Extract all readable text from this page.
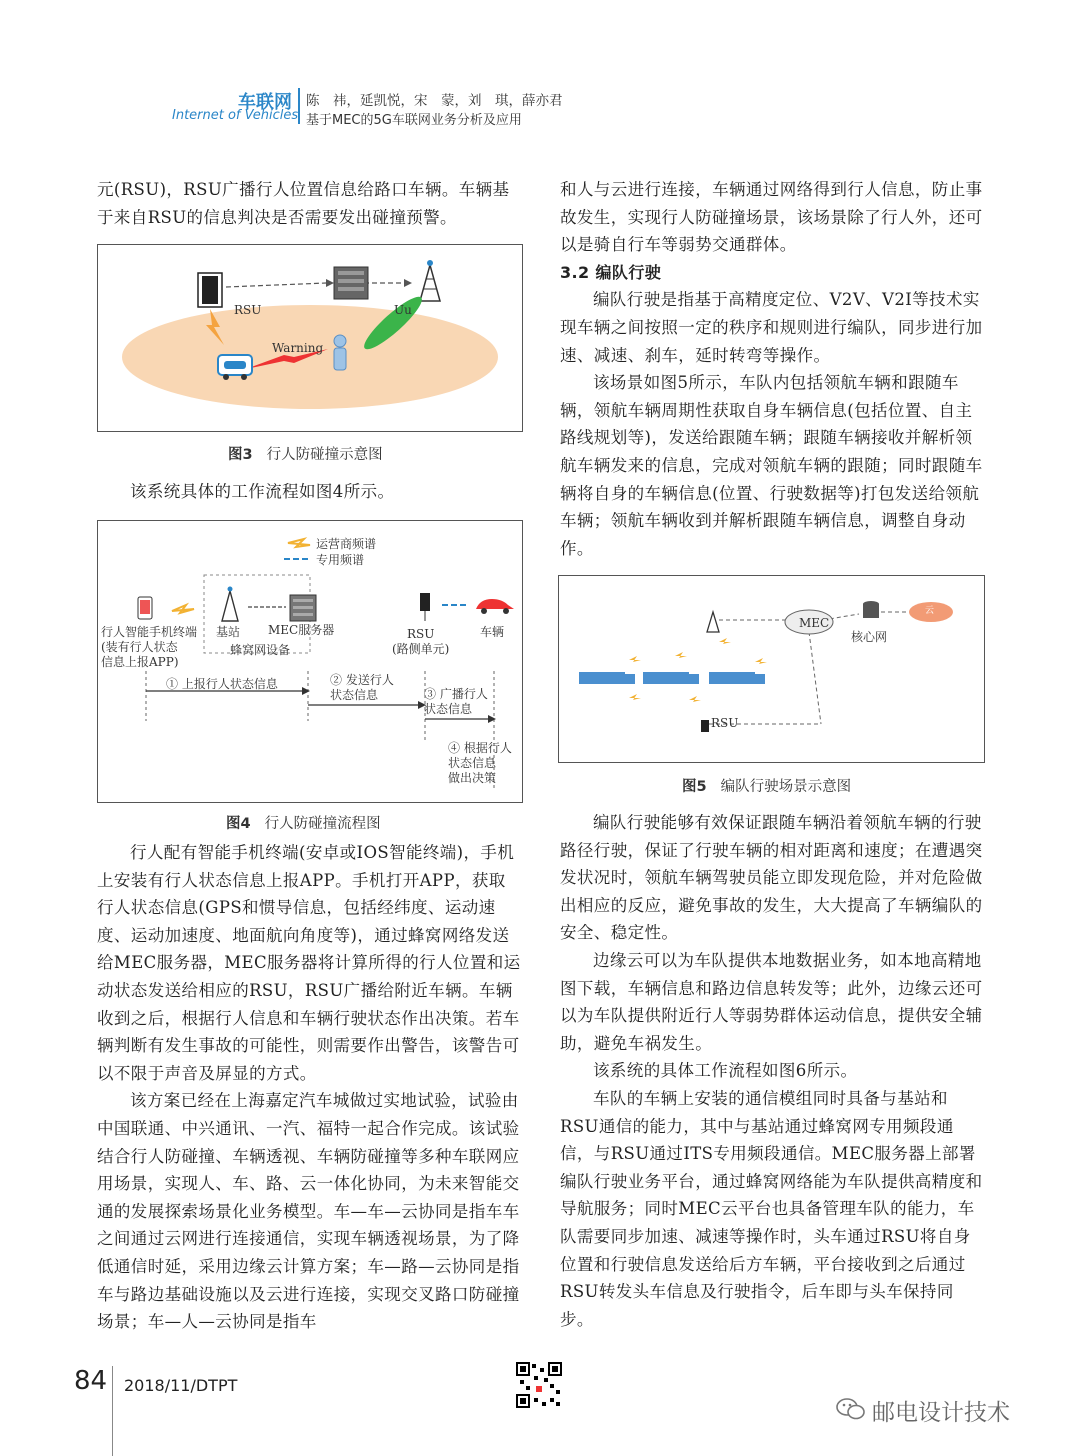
车联网
Internet of Vehicles
陈　祎，延凯悦，宋　蒙，刘　琪，薛亦君
基于MEC的5G车联网业务分析及应用

元(RSU)，RSU广播行人位置信息给路口车辆。车辆基于来自RSU的信息判决是否需要发出碰撞预警。

RSU	Uu
Warning
图3 行人防碰撞示意图

该系统具体的工作流程如图4所示。

运营商频谱
专用频谱
行人智能手机终端
(装有行人状态
信息上报APP)
基站 MEC服务器
蜂窝网设备
RSU
(路侧单元)
车辆
① 上报行人状态信息	② 发送行人
状态信息	③ 广播行人
状态信息
④ 根据行人
状态信息
做出决策
图4 行人防碰撞流程图

行人配有智能手机终端(安卓或IOS智能终端)，手机上安装有行人状态信息上报APP。手机打开APP，获取行人状态信息(GPS和惯导信息，包括经纬度、运动速度、运动加速度、地面航向角度等)，通过蜂窝网络发送给MEC服务器，MEC服务器将计算所得的行人位置和运动状态发送给相应的RSU，RSU广播给附近车辆。车辆收到之后，根据行人信息和车辆行驶状态作出决策。若车辆判断有发生事故的可能性，则需要作出警告，该警告可以不限于声音及屏显的方式。

该方案已经在上海嘉定汽车城做过实地试验，试验由中国联通、中兴通讯、一汽、福特一起合作完成。该试验结合行人防碰撞、车辆透视、车辆防碰撞等多种车联网应用场景，实现人、车、路、云一体化协同，为未来智能交通的发展探索场景化业务模型。车—车—云协同是指车车之间通过云网进行连接通信，实现车辆透视场景，为了降低通信时延，采用边缘云计算方案；车—路—云协同是指车与路边基础设施以及云进行连接，实现交叉路口防碰撞场景；车—人—云协同是指车

和人与云进行连接，车辆通过网络得到行人信息，防止事故发生，实现行人防碰撞场景，该场景除了行人外，还可以是骑自行车等弱势交通群体。

3.2 编队行驶

编队行驶是指基于高精度定位、V2V、V2I等技术实现车辆之间按照一定的秩序和规则进行编队，同步进行加速、减速、刹车，延时转弯等操作。

该场景如图5所示，车队内包括领航车辆和跟随车辆，领航车辆周期性获取自身车辆信息(包括位置、自主路线规划等)，发送给跟随车辆；跟随车辆接收并解析领航车辆发来的信息，完成对领航车辆的跟随；同时跟随车辆将自身的车辆信息(位置、行驶数据等)打包发送给领航车辆；领航车辆收到并解析跟随车辆信息，调整自身动作。

MEC
核心网
云
RSU
图5 编队行驶场景示意图

编队行驶能够有效保证跟随车辆沿着领航车辆的行驶路径行驶，保证了行驶车辆的相对距离和速度；在遭遇突发状况时，领航车辆驾驶员能立即发现危险，并对危险做出相应的反应，避免事故的发生，大大提高了车辆编队的安全、稳定性。

边缘云可以为车队提供本地数据业务，如本地高精地图下载，车辆信息和路边信息转发等；此外，边缘云还可以为车队提供附近行人等弱势群体运动信息，提供安全辅助，避免车祸发生。

该系统的具体工作流程如图6所示。

车队的车辆上安装的通信模组同时具备与基站和RSU通信的能力，其中与基站通过蜂窝网专用频段通信，与RSU通过ITS专用频段通信。MEC服务器上部署编队行驶业务平台，通过蜂窝网络能为车队提供高精度和导航服务；同时MEC云平台也具备管理车队的能力，车队需要同步加速、减速等操作时，头车通过RSU将自身位置和行驶信息发送给后方车辆，平台接收到之后通过RSU转发头车信息及行驶指令，后车即与头车保持同步。

84 2018/11/DTPT
邮电设计技术
